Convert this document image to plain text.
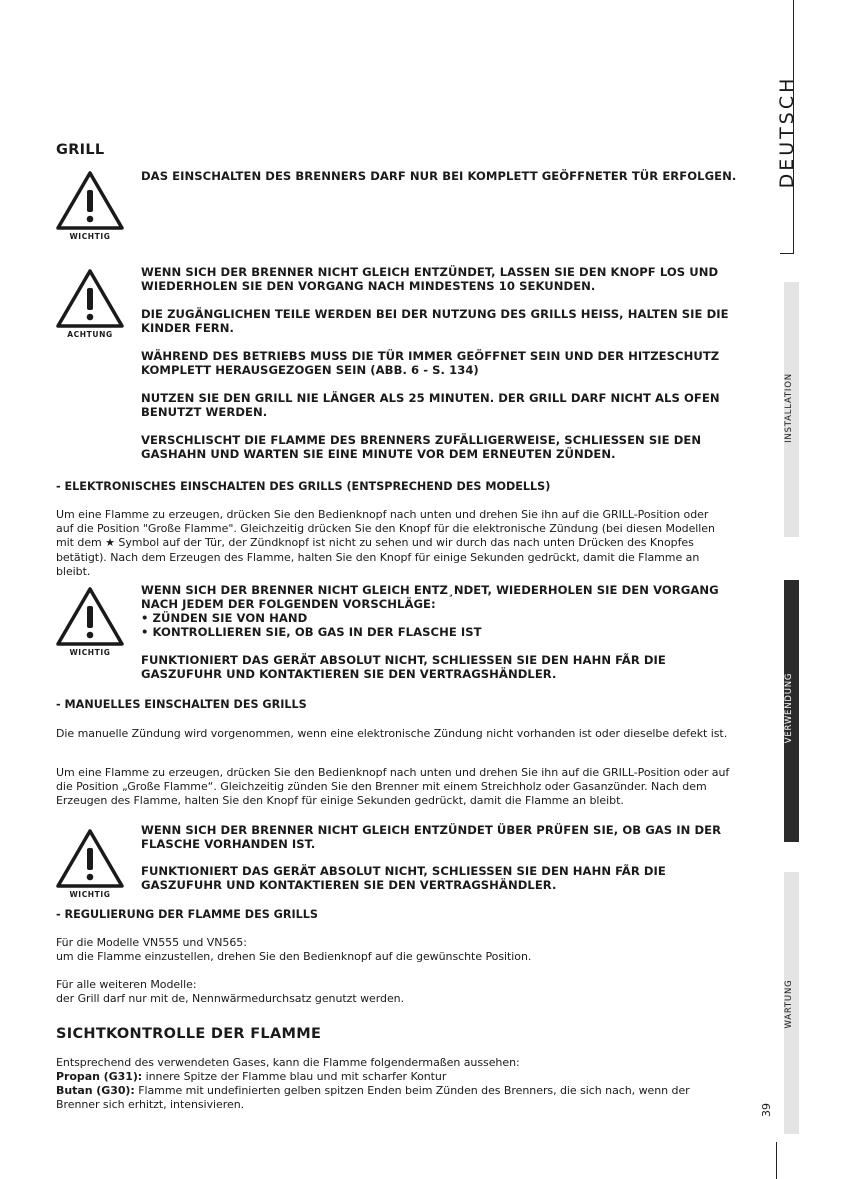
DEUTSCH
INSTALLATION
VERWENDUNG
WARTUNG
39
GRILL
WICHTIG
DAS EINSCHALTEN DES BRENNERS DARF NUR BEI KOMPLETT GEÖFFNETER TÜR ERFOLGEN.
ACHTUNG
WENN SICH DER BRENNER NICHT GLEICH ENTZÜNDET, LASSEN SIE DEN KNOPF LOS UND WIEDERHOLEN SIE DEN VORGANG NACH MINDESTENS 10 SEKUNDEN.
DIE ZUGÄNGLICHEN TEILE WERDEN BEI DER NUTZUNG DES GRILLS HEISS, HALTEN SIE DIE KINDER FERN.
WÄHREND DES BETRIEBS MUSS DIE TÜR IMMER GEÖFFNET SEIN UND DER HITZESCHUTZ KOMPLETT HERAUSGEZOGEN SEIN (ABB. 6 - S. 134)
NUTZEN SIE DEN GRILL NIE LÄNGER ALS 25 MINUTEN. DER GRILL DARF NICHT ALS OFEN BENUTZT WERDEN.
VERSCHLISCHT DIE FLAMME DES BRENNERS ZUFÄLLIGERWEISE, SCHLIESSEN SIE DEN GASHAHN UND WARTEN SIE EINE MINUTE VOR DEM ERNEUTEN ZÜNDEN.
- ELEKTRONISCHES EINSCHALTEN DES GRILLS (ENTSPRECHEND DES MODELLS)
Um eine Flamme zu erzeugen, drücken Sie den Bedienknopf nach unten und drehen Sie ihn auf die GRILL-Position oder auf die Position "Große Flamme". Gleichzeitig drücken Sie den Knopf für die elektronische Zündung (bei diesen Modellen mit dem ★ Symbol auf der Tür, der Zündknopf ist nicht zu sehen und wir durch das nach unten Drücken des Knopfes betätigt). Nach dem Erzeugen des Flamme, halten Sie den Knopf für einige Sekunden gedrückt, damit die Flamme an bleibt.
WICHTIG
WENN SICH DER BRENNER NICHT GLEICH ENTZ¸NDET, WIEDERHOLEN SIE DEN VORGANG NACH JEDEM DER FOLGENDEN VORSCHLÄGE:
• ZÜNDEN SIE VON HAND
• KONTROLLIEREN SIE, OB GAS IN DER FLASCHE IST
FUNKTIONIERT DAS GERÄT ABSOLUT NICHT, SCHLIESSEN SIE DEN HAHN FÃR DIE GASZUFUHR UND KONTAKTIEREN SIE DEN VERTRAGSHÄNDLER.
- MANUELLES EINSCHALTEN DES GRILLS
Die manuelle Zündung wird vorgenommen, wenn eine elektronische Zündung nicht vorhanden ist oder dieselbe defekt ist.
Um eine Flamme zu erzeugen, drücken Sie den Bedienknopf nach unten und drehen Sie ihn auf die GRILL-Position oder auf die Position „Große Flamme“. Gleichzeitig zünden Sie den Brenner mit einem Streichholz oder Gasanzünder. Nach dem Erzeugen des Flamme, halten Sie den Knopf für einige Sekunden gedrückt, damit die Flamme an bleibt.
WICHTIG
WENN SICH DER BRENNER NICHT GLEICH ENTZÜNDET ÜBER PRÜFEN SIE, OB GAS IN DER FLASCHE VORHANDEN IST.
FUNKTIONIERT DAS GERÄT ABSOLUT NICHT, SCHLIESSEN SIE DEN HAHN FÃR DIE GASZUFUHR UND KONTAKTIEREN SIE DEN VERTRAGSHÄNDLER.
- REGULIERUNG DER FLAMME DES GRILLS
Für die Modelle VN555 und VN565:
um die Flamme einzustellen, drehen Sie den Bedienknopf auf die gewünschte Position.
Für alle weiteren Modelle:
der Grill darf nur mit de, Nennwärmedurchsatz genutzt werden.
SICHTKONTROLLE DER FLAMME
Entsprechend des verwendeten Gases, kann die Flamme folgendermaßen aussehen:
Propan (G31): innere Spitze der Flamme blau und mit scharfer Kontur
Butan (G30): Flamme mit undefinierten gelben spitzen Enden beim Zünden des Brenners, die sich nach, wenn der Brenner sich erhitzt, intensivieren.
